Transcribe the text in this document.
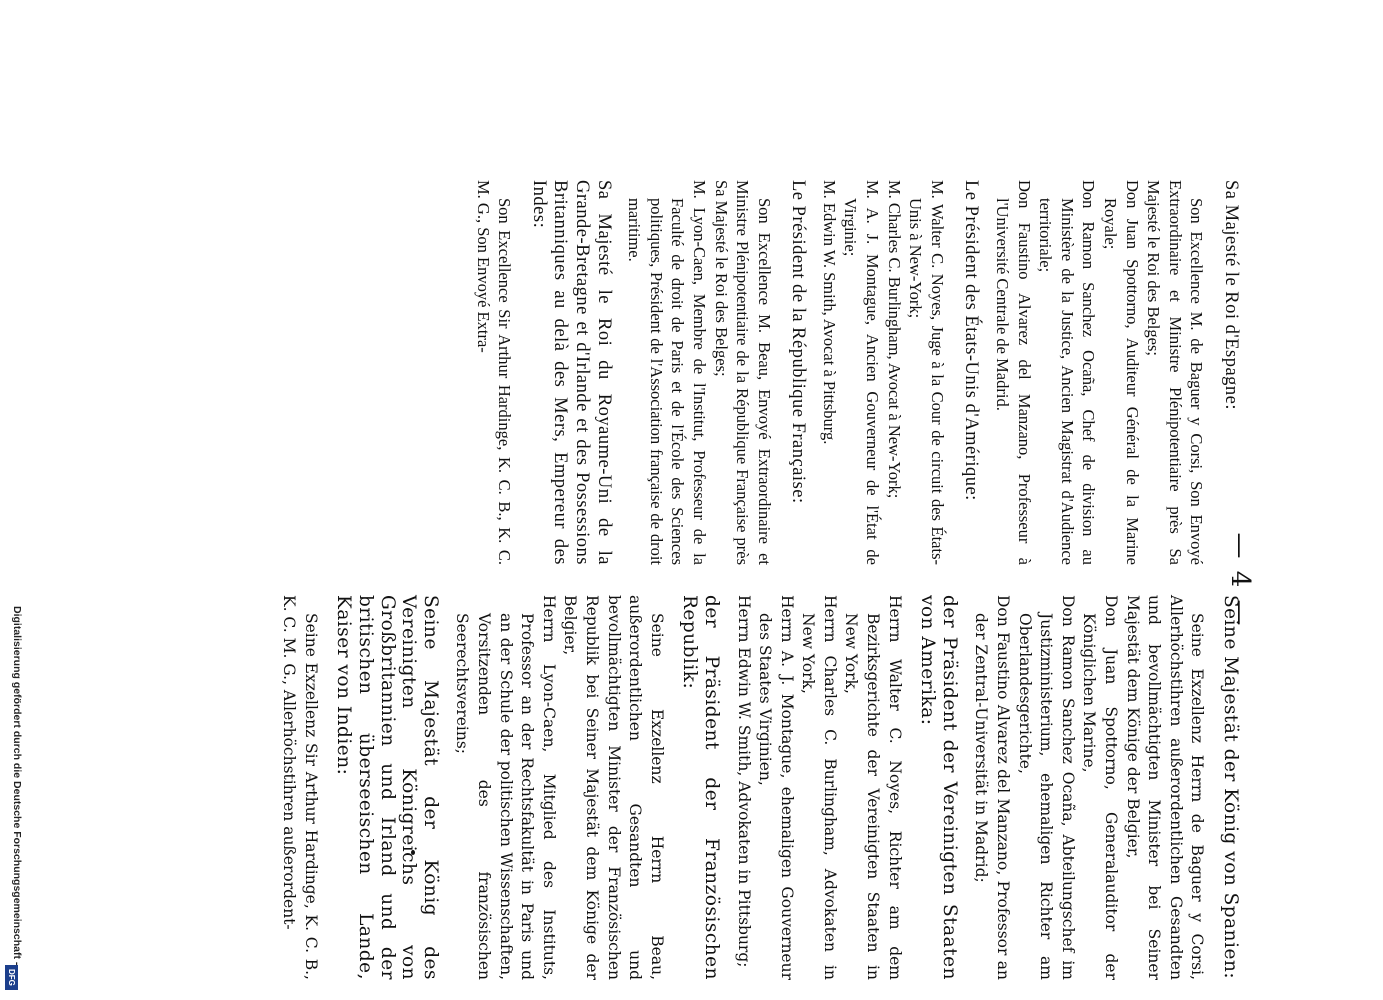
Digitalisierung gefördert durch die Deutsche Forschungsgemeinschaft -
DFG
— 4 —
Sa Majesté le Roi d'Espagne:

Son Excellence M. de Baguer y Corsi, Son Envoyé Extraordinaire et Ministre Plénipotentiaire près Sa Majesté le Roi des Belges;

Don Juan Spottorno, Auditeur Général de la Marine Royale;

Don Ramon Sanchez Ocaña, Chef de division au Ministère de la Justice, Ancien Magistrat d'Audience territoriale;

Don Faustino Alvarez del Manzano, Professeur à l'Université Centrale de Madrid.

Le Président des États-Unis d'Amérique:

M. Walter C. Noyes, Juge à la Cour de circuit des États-Unis à New-York;

M. Charles C. Burlingham, Avocat à New-York;

M. A. J. Montague, Ancien Gouverneur de l'État de Virginie;

M. Edwin W. Smith, Avocat à Pittsburg.

Le Président de la République Française:

Son Excellence M. Beau, Envoyé Extraordinaire et Ministre Plénipotentiaire de la République Française près Sa Majesté le Roi des Belges;

M. Lyon-Caen, Membre de l'Institut, Professeur de la Faculté de droit de Paris et de l'École des Sciences politiques, Président de l'Association française de droit maritime.

Sa Majesté le Roi du Royaume-Uni de la Grande-Bretagne et d'Irlande et des Possessions Britanniques au delà des Mers, Empereur des Indes:

Son Excellence Sir Arthur Hardinge, K. C. B., K. C. M. G., Son Envoyé Extra-

Seine Majestät der König von Spanien:

Seine Exzellenz Herrn de Baguer y Corsi, Allerhöchstihren außerordentlichen Gesandten und bevollmächtigten Minister bei Seiner Majestät dem Könige der Belgier,

Don Juan Spottorno, Generalauditor der Königlichen Marine,

Don Ramon Sanchez Ocaña, Abteilungschef im Justizministerium, ehemaligen Richter am Oberlandesgerichte,

Don Faustino Alvarez del Manzano, Professor an der Zentral-Universität in Madrid;

der Präsident der Vereinigten Staaten von Amerika:

Herrn Walter C. Noyes, Richter am dem Bezirksgerichte der Vereinigten Staaten in New York,

Herrn Charles C. Burlingham, Advokaten in New York,

Herrn A. J. Montague, ehemaligen Gouverneur des Staates Virginien,

Herrn Edwin W. Smith, Advokaten in Pittsburg;

der Präsident der Französischen Republik:

Seine Exzellenz Herrn Beau, außerordentlichen Gesandten und bevollmächtigten Minister der Französischen Republik bei Seiner Majestät dem Könige der Belgier,

Herrn Lyon-Caen, Mitglied des Instituts, Professor an der Rechtsfakultät in Paris und an der Schule der politischen Wissenschaften, Vorsitzenden des französischen Seerechtsvereins;

Seine Majestät der König des Vereinigten Königreichs von Großbritannien und Irland und der britischen überseeischen Lande, Kaiser von Indien:

Seine Exzellenz Sir Arthur Hardinge, K. C. B., K. C. M. G., Allerhöchstihren außerordent-
